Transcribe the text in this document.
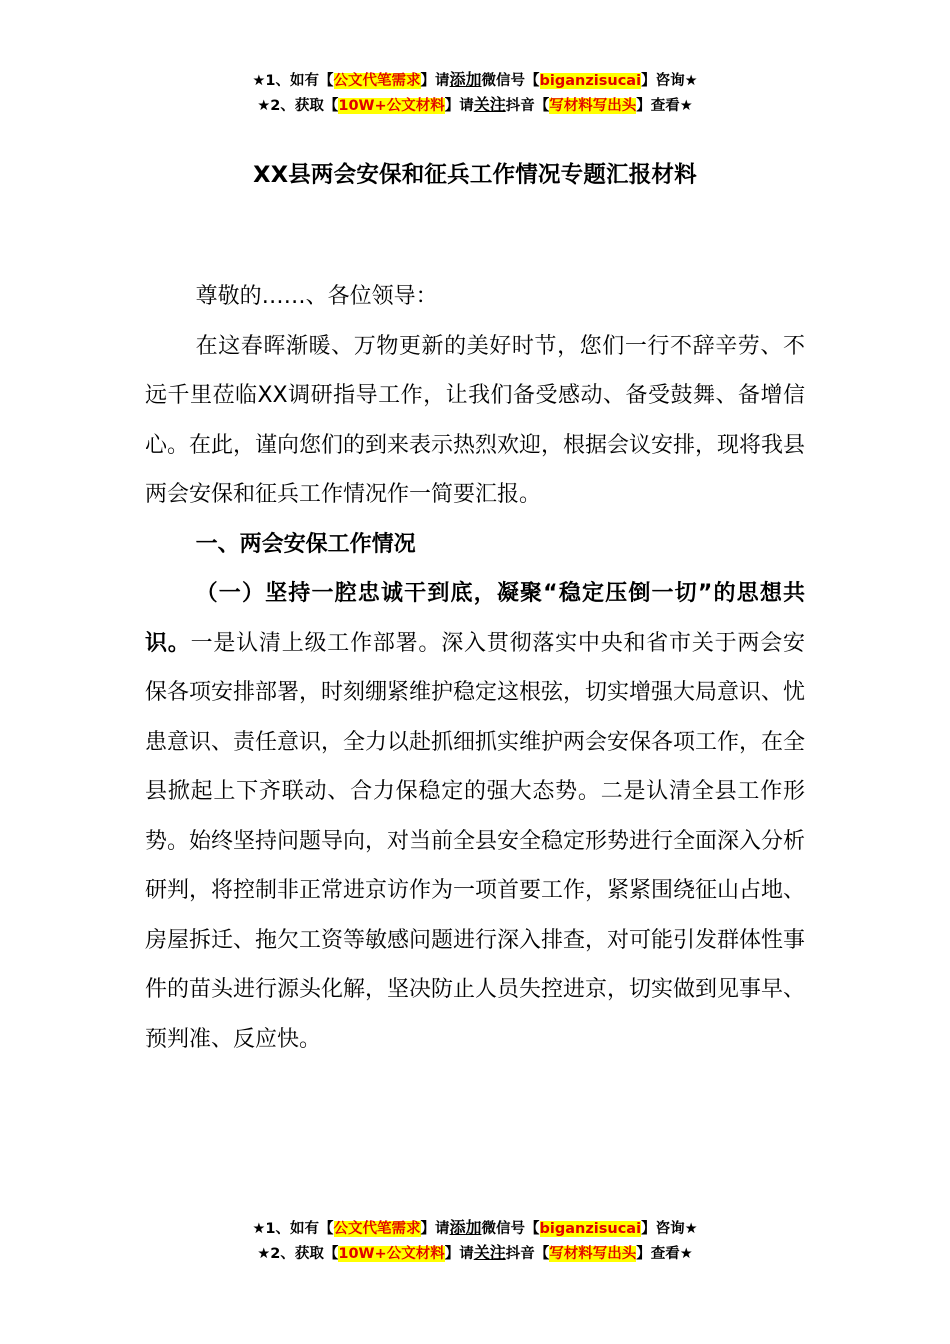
★1、如有【公文代笔需求】请添加微信号【biganzisucai】咨询★
★2、获取【10W+公文材料】请关注抖音【写材料写出头】查看★
XX县两会安保和征兵工作情况专题汇报材料

尊敬的……、各位领导：

在这春晖渐暖、万物更新的美好时节，您们一行不辞辛劳、不远千里莅临XX调研指导工作，让我们备受感动、备受鼓舞、备增信心。在此，谨向您们的到来表示热烈欢迎，根据会议安排，现将我县两会安保和征兵工作情况作一简要汇报。

一、两会安保工作情况

（一）坚持一腔忠诚干到底，凝聚“稳定压倒一切”的思想共识。一是认清上级工作部署。深入贯彻落实中央和省市关于两会安保各项安排部署，时刻绷紧维护稳定这根弦，切实增强大局意识、忧患意识、责任意识，全力以赴抓细抓实维护两会安保各项工作，在全县掀起上下齐联动、合力保稳定的强大态势。二是认清全县工作形势。始终坚持问题导向，对当前全县安全稳定形势进行全面深入分析研判，将控制非正常进京访作为一项首要工作，紧紧围绕征山占地、房屋拆迁、拖欠工资等敏感问题进行深入排查，对可能引发群体性事件的苗头进行源头化解，坚决防止人员失控进京，切实做到见事早、预判准、反应快。

★1、如有【公文代笔需求】请添加微信号【biganzisucai】咨询★
★2、获取【10W+公文材料】请关注抖音【写材料写出头】查看★
